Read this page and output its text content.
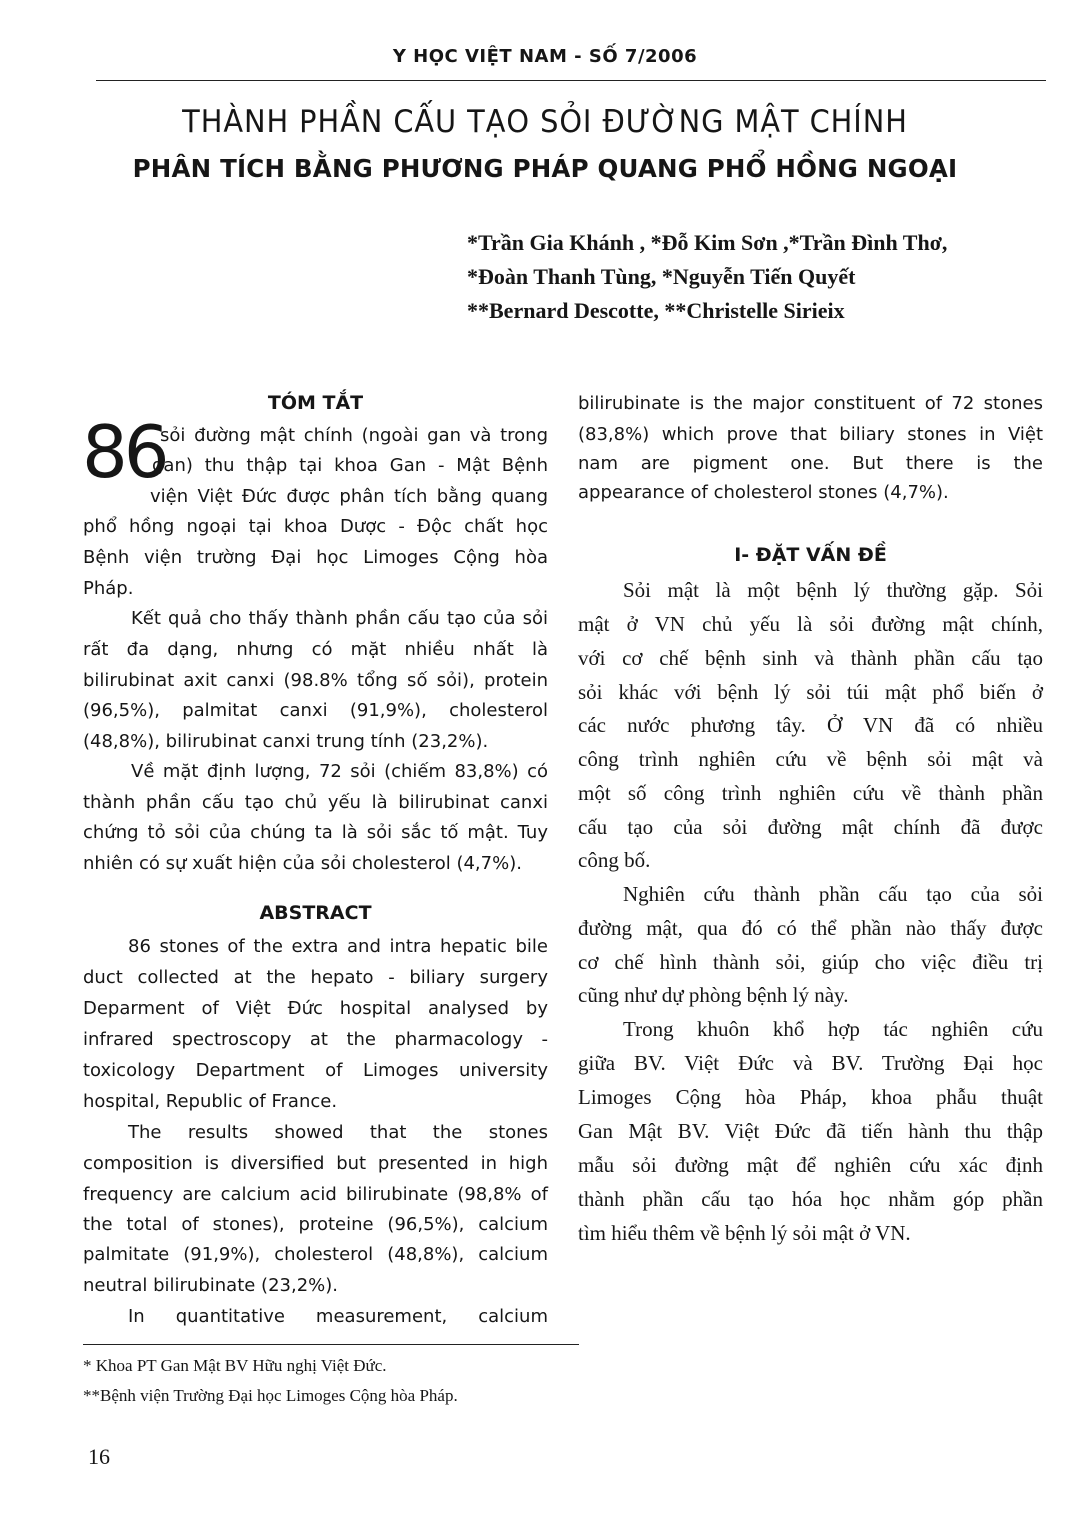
Y HỌC VIỆT NAM - SỐ 7/2006
THÀNH PHẦN CẤU TẠO SỎI ĐƯỜNG MẬT CHÍNH
PHÂN TÍCH BẰNG PHƯƠNG PHÁP QUANG PHỔ HỒNG NGOẠI
*Trần Gia Khánh , *Đỗ Kim Sơn ,*Trần Đình Thơ,
*Đoàn Thanh Tùng, *Nguyễn Tiến Quyết
**Bernard Descotte, **Christelle Sirieix
TÓM TẮT
86
sỏi đường mật chính (ngoài gan và trong
gan) thu thập tại khoa Gan - Mật Bệnh
viện Việt Đức được phân tích bằng quang
phổ hồng ngoại tại khoa Dược - Độc chất học
Bệnh viện trường Đại học Limoges Cộng hòa
Pháp.
Kết quả cho thấy thành phần cấu tạo của sỏi
rất đa dạng, nhưng có mặt nhiều nhất là
bilirubinat axit canxi (98.8% tổng số sỏi), protein
(96,5%), palmitat canxi (91,9%), cholesterol
(48,8%), bilirubinat canxi trung tính (23,2%).
Về mặt định lượng, 72 sỏi (chiếm 83,8%) có
thành phần cấu tạo chủ yếu là bilirubinat canxi
chứng tỏ sỏi của chúng ta là sỏi sắc tố mật. Tuy
nhiên có sự xuất hiện của sỏi cholesterol (4,7%).
ABSTRACT
86 stones of the extra and intra hepatic bile
duct collected at the hepato - biliary surgery
Deparment of Việt Đức hospital analysed by
infrared spectroscopy at the pharmacology -
toxicology Department of Limoges university
hospital, Republic of France.
The results showed that the stones
composition is diversified but presented in high
frequency are calcium acid bilirubinate (98,8% of
the total of stones), proteine (96,5%), calcium
palmitate (91,9%), cholesterol (48,8%), calcium
neutral bilirubinate (23,2%).
In quantitative measurement, calcium
bilirubinate is the major constituent of 72 stones
(83,8%) which prove that biliary stones in Việt
nam are pigment one. But there is the
appearance of cholesterol stones (4,7%).
I- ĐẶT VẤN ĐỀ
Sỏi mật là một bệnh lý thường gặp. Sỏi
mật ở VN chủ yếu là sỏi đường mật chính,
với cơ chế bệnh sinh và thành phần cấu tạo
sỏi khác với bệnh lý sỏi túi mật phổ biến ở
các nước phương tây. Ở VN đã có nhiều
công trình nghiên cứu về bệnh sỏi mật và
một số công trình nghiên cứu về thành phần
cấu tạo của sỏi đường mật chính đã được
công bố.
Nghiên cứu thành phần cấu tạo của sỏi
đường mật, qua đó có thể phần nào thấy được
cơ chế hình thành sỏi, giúp cho việc điều trị
cũng như dự phòng bệnh lý này.
Trong khuôn khổ hợp tác nghiên cứu
giữa BV. Việt Đức và BV. Trường Đại học
Limoges Cộng hòa Pháp, khoa phẫu thuật
Gan Mật BV. Việt Đức đã tiến hành thu thập
mẫu sỏi đường mật để nghiên cứu xác định
thành phần cấu tạo hóa học nhằm góp phần
tìm hiểu thêm về bệnh lý sỏi mật ở VN.
* Khoa PT Gan Mật BV Hữu nghị Việt Đức.
**Bệnh viện Trường Đại học Limoges Cộng hòa Pháp.
16
